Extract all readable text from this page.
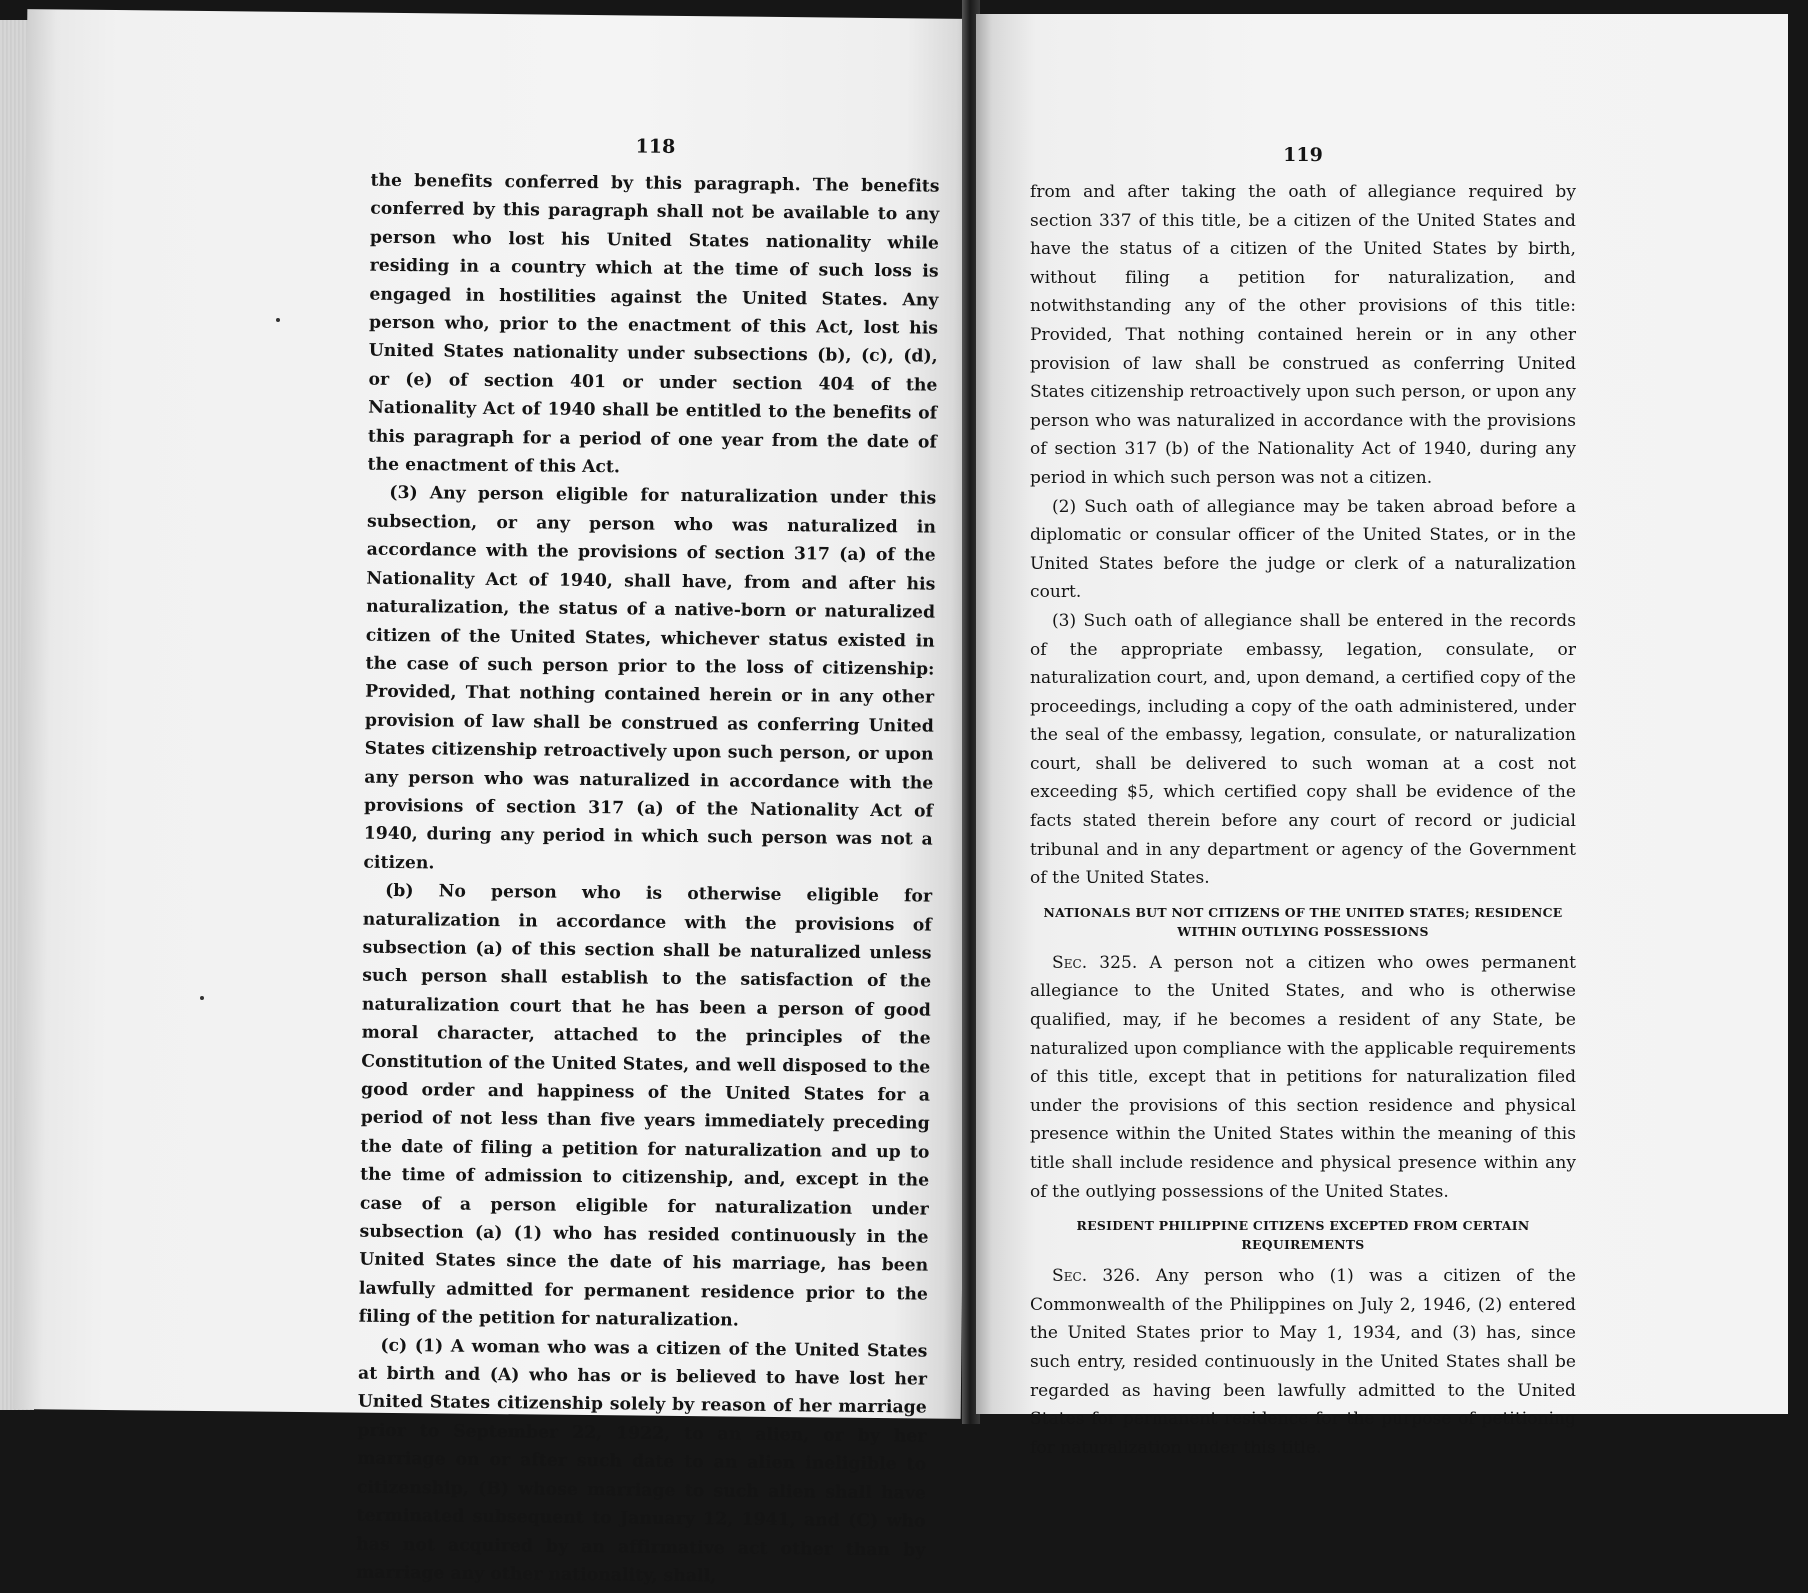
118

the benefits conferred by this paragraph. The benefits conferred by this paragraph shall not be available to any person who lost his United States nationality while residing in a country which at the time of such loss is engaged in hostilities against the United States. Any person who, prior to the enactment of this Act, lost his United States nationality under subsections (b), (c), (d), or (e) of section 401 or under section 404 of the Nationality Act of 1940 shall be entitled to the benefits of this paragraph for a period of one year from the date of the enactment of this Act.

(3) Any person eligible for naturalization under this subsection, or any person who was naturalized in accordance with the provisions of section 317 (a) of the Nationality Act of 1940, shall have, from and after his naturalization, the status of a native-born or naturalized citizen of the United States, whichever status existed in the case of such person prior to the loss of citizenship: Provided, That nothing contained herein or in any other provision of law shall be construed as conferring United States citizenship retroactively upon such person, or upon any person who was naturalized in accordance with the provisions of section 317 (a) of the Nationality Act of 1940, during any period in which such person was not a citizen.

(b) No person who is otherwise eligible for naturalization in accordance with the provisions of subsection (a) of this section shall be naturalized unless such person shall establish to the satisfaction of the naturalization court that he has been a person of good moral character, attached to the principles of the Constitution of the United States, and well disposed to the good order and happiness of the United States for a period of not less than five years immediately preceding the date of filing a petition for naturalization and up to the time of admission to citizenship, and, except in the case of a person eligible for naturalization under subsection (a) (1) who has resided continuously in the United States since the date of his marriage, has been lawfully admitted for permanent residence prior to the filing of the petition for naturalization.

(c) (1) A woman who was a citizen of the United States at birth and (A) who has or is believed to have lost her United States citizenship solely by reason of her marriage prior to September 22, 1922, to an alien, or by her marriage on or after such date to an alien ineligible to citizenship, (B) whose marriage to such alien shall have terminated subsequent to January 12, 1941, and (C) who has not acquired by an affirmative act other than by marriage any other nationality, shall,

119

from and after taking the oath of allegiance required by section 337 of this title, be a citizen of the United States and have the status of a citizen of the United States by birth, without filing a petition for naturalization, and notwithstanding any of the other provisions of this title: Provided, That nothing contained herein or in any other provision of law shall be construed as conferring United States citizenship retroactively upon such person, or upon any person who was naturalized in accordance with the provisions of section 317 (b) of the Nationality Act of 1940, during any period in which such person was not a citizen.

(2) Such oath of allegiance may be taken abroad before a diplomatic or consular officer of the United States, or in the United States before the judge or clerk of a naturalization court.

(3) Such oath of allegiance shall be entered in the records of the appropriate embassy, legation, consulate, or naturalization court, and, upon demand, a certified copy of the proceedings, including a copy of the oath administered, under the seal of the embassy, legation, consulate, or naturalization court, shall be delivered to such woman at a cost not exceeding $5, which certified copy shall be evidence of the facts stated therein before any court of record or judicial tribunal and in any department or agency of the Government of the United States.

NATIONALS BUT NOT CITIZENS OF THE UNITED STATES; RESIDENCE WITHIN OUTLYING POSSESSIONS

Sec. 325. A person not a citizen who owes permanent allegiance to the United States, and who is otherwise qualified, may, if he becomes a resident of any State, be naturalized upon compliance with the applicable requirements of this title, except that in petitions for naturalization filed under the provisions of this section residence and physical presence within the United States within the meaning of this title shall include residence and physical presence within any of the outlying possessions of the United States.

RESIDENT PHILIPPINE CITIZENS EXCEPTED FROM CERTAIN REQUIREMENTS

Sec. 326. Any person who (1) was a citizen of the Commonwealth of the Philippines on July 2, 1946, (2) entered the United States prior to May 1, 1934, and (3) has, since such entry, resided continuously in the United States shall be regarded as having been lawfully admitted to the United States for permanent residence for the purpose of petitioning for naturalization under this title.
